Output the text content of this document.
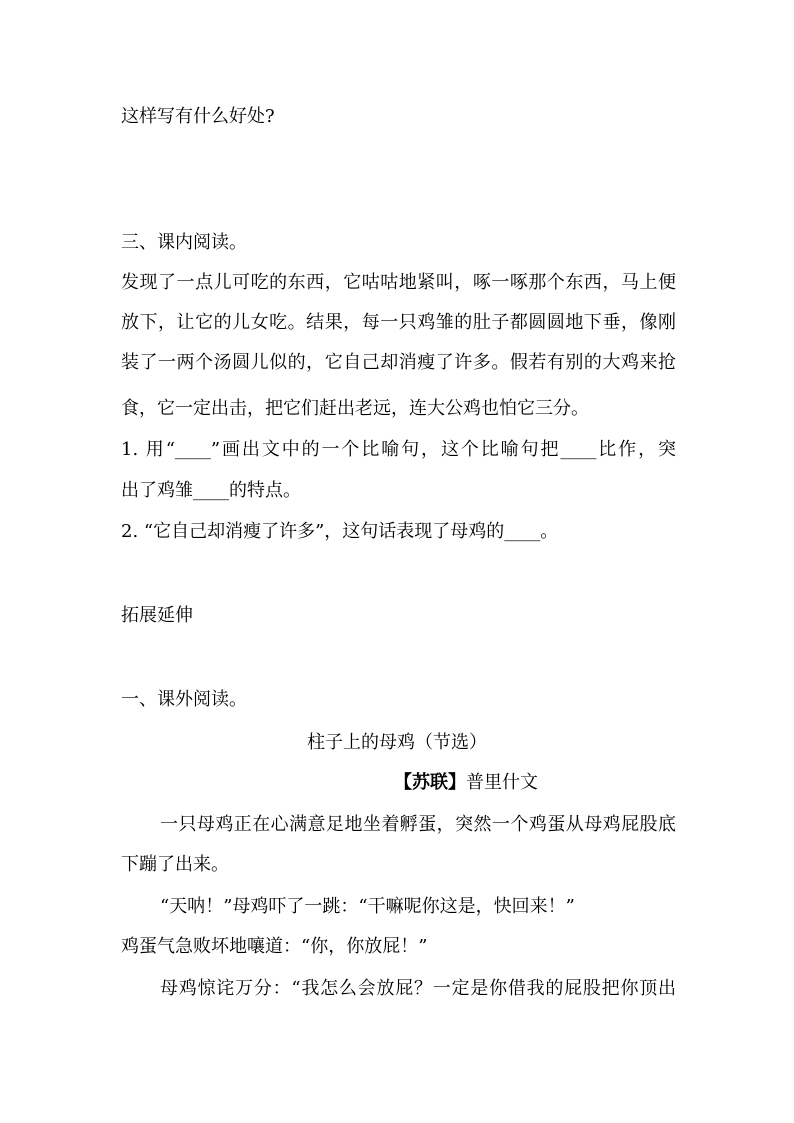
这样写有什么好处?
三、课内阅读。
发现了一点儿可吃的东西，它咕咕地紧叫，啄一啄那个东西，马上便
放下，让它的儿女吃。结果，每一只鸡雏的肚子都圆圆地下垂，像刚
装了一两个汤圆儿似的，它自己却消瘦了许多。假若有别的大鸡来抢
食，它一定出击，把它们赶出老远，连大公鸡也怕它三分。
1. 用“____”画出文中的一个比喻句，这个比喻句把____比作，突
出了鸡雏____的特点。
2. “它自己却消瘦了许多”，这句话表现了母鸡的____。
拓展延伸
一、课外阅读。
柱子上的母鸡（节选）
【苏联】普里什文
一只母鸡正在心满意足地坐着孵蛋，突然一个鸡蛋从母鸡屁股底
下蹦了出来。
“天呐！”母鸡吓了一跳：“干嘛呢你这是，快回来！”
鸡蛋气急败坏地嚷道：“你，你放屁！”
母鸡惊诧万分：“我怎么会放屁？一定是你借我的屁股把你顶出
